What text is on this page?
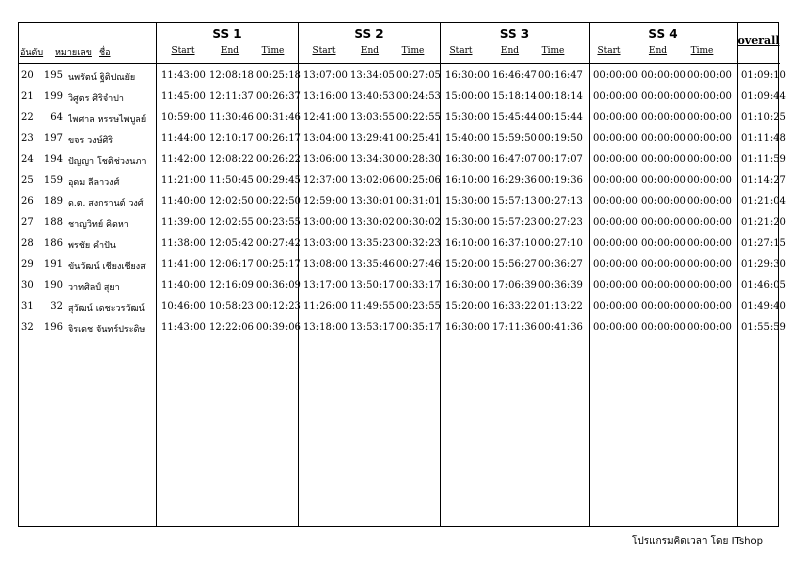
อันดับ หมายเลข ชื่อ
SS 1	SS 2	SS 3	SS 4	overall
Start	End	Time	Start	End	Time	Start	End	Time	Start	End	Time
20	195 นพรัตน์ ฐิติปณยัย	11:43:00 12:08:18 00:25:18 13:07:00 13:34:05 00:27:05 16:30:00 16:46:47 00:16:47 00:00:00 00:00:00 00:00:00 01:09:10
21	199 วิศูตร ศิริจำปา	11:45:00 12:11:37 00:26:37 13:16:00 13:40:53 00:24:53 15:00:00 15:18:14 00:18:14 00:00:00 00:00:00 00:00:00 01:09:44
22	64 ไพศาล หรรษไพบูลย์	10:59:00 11:30:46 00:31:46 12:41:00 13:03:55 00:22:55 15:30:00 15:45:44 00:15:44 00:00:00 00:00:00 00:00:00 01:10:25
23	197 ขจร วงษ์ศิริ	11:44:00 12:10:17 00:26:17 13:04:00 13:29:41 00:25:41 15:40:00 15:59:50 00:19:50 00:00:00 00:00:00 00:00:00 01:11:48
24	194 ปัญญา โชติช่วงนภา	11:42:00 12:08:22 00:26:22 13:06:00 13:34:30 00:28:30 16:30:00 16:47:07 00:17:07 00:00:00 00:00:00 00:00:00 01:11:59
25	159 อุดม ลีลาวงศ์	11:21:00 11:50:45 00:29:45 12:37:00 13:02:06 00:25:06 16:10:00 16:29:36 00:19:36 00:00:00 00:00:00 00:00:00 01:14:27
26	189 ด.ต. สงกรานต์ วงศ์	11:40:00 12:02:50 00:22:50 12:59:00 13:30:01 00:31:01 15:30:00 15:57:13 00:27:13 00:00:00 00:00:00 00:00:00 01:21:04
27	188 ชาญวิทย์ คิดหา	11:39:00 12:02:55 00:23:55 13:00:00 13:30:02 00:30:02 15:30:00 15:57:23 00:27:23 00:00:00 00:00:00 00:00:00 01:21:20
28	186 พรชัย คำปัน	11:38:00 12:05:42 00:27:42 13:03:00 13:35:23 00:32:23 16:10:00 16:37:10 00:27:10 00:00:00 00:00:00 00:00:00 01:27:15
29	191 ขันวัฒน์ เชียงเชียงส	11:41:00 12:06:17 00:25:17 13:08:00 13:35:46 00:27:46 15:20:00 15:56:27 00:36:27 00:00:00 00:00:00 00:00:00 01:29:30
30	190 วาทศิลป์ สุยา	11:40:00 12:16:09 00:36:09 13:17:00 13:50:17 00:33:17 16:30:00 17:06:39 00:36:39 00:00:00 00:00:00 00:00:00 01:46:05
31	32 สุวัฒน์ เดชะวรวัฒน์	10:46:00 10:58:23 00:12:23 11:26:00 11:49:55 00:23:55 15:20:00 16:33:22 01:13:22 00:00:00 00:00:00 00:00:00 01:49:40
32	196 จิรเดช จันทร์ประดิษ	11:43:00 12:22:06 00:39:06 13:18:00 13:53:17 00:35:17 16:30:00 17:11:36 00:41:36 00:00:00 00:00:00 00:00:00 01:55:59
โปรแกรมคิดเวลา โดย ITshop
